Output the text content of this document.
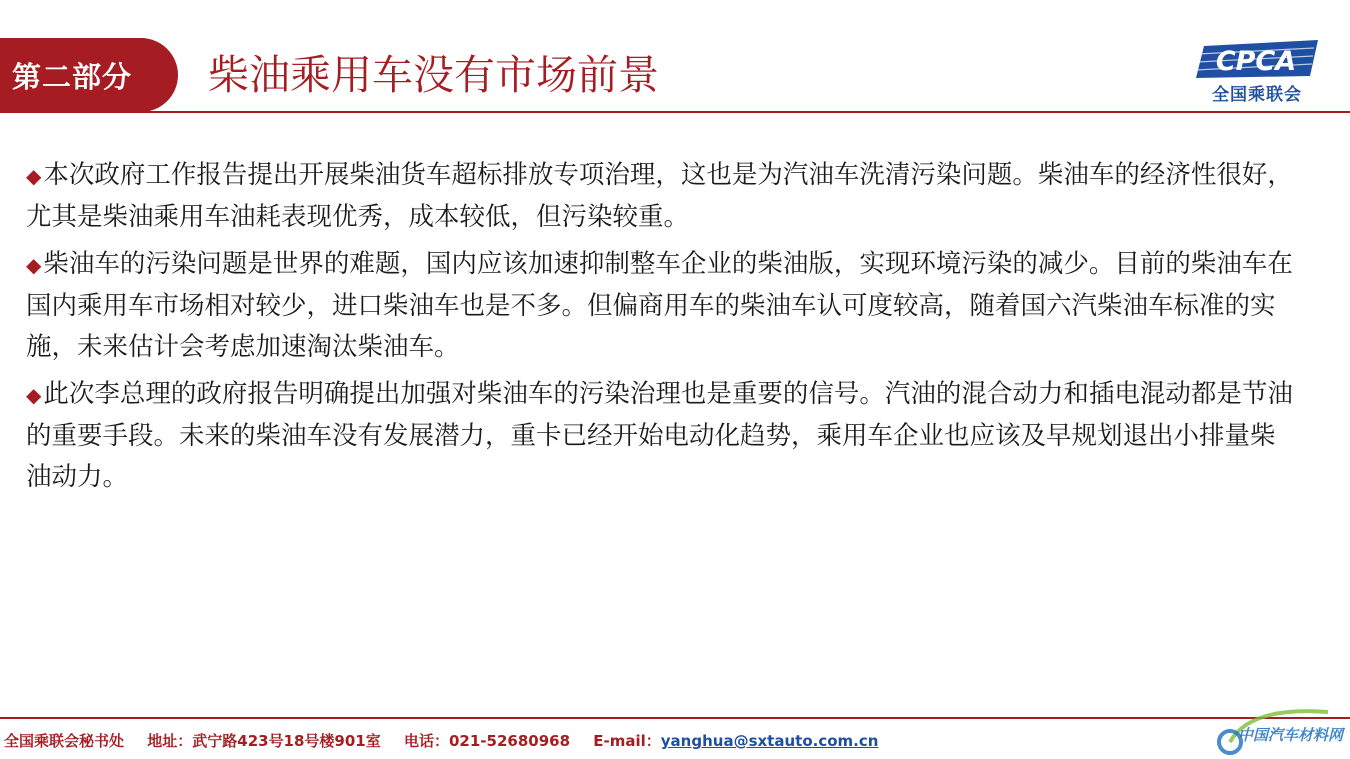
第二部分 柴油乘用车没有市场前景	CPCA
全国乘联会

◆本次政府工作报告提出开展柴油货车超标排放专项治理，这也是为汽油车洗清污染问题。柴油车的经济性很好，尤其是柴油乘用车油耗表现优秀，成本较低，但污染较重。

◆柴油车的污染问题是世界的难题，国内应该加速抑制整车企业的柴油版，实现环境污染的减少。目前的柴油车在国内乘用车市场相对较少，进口柴油车也是不多。但偏商用车的柴油车认可度较高，随着国六汽柴油车标准的实施，未来估计会考虑加速淘汰柴油车。

◆此次李总理的政府报告明确提出加强对柴油车的污染治理也是重要的信号。汽油的混合动力和插电混动都是节油的重要手段。未来的柴油车没有发展潜力，重卡已经开始电动化趋势，乘用车企业也应该及早规划退出小排量柴油动力。

全国乘联会秘书处 地址：武宁路423号18号楼901室 电话：021-52680968 E-mail：yanghua@sxtauto.com.cn	中国汽车材料网
